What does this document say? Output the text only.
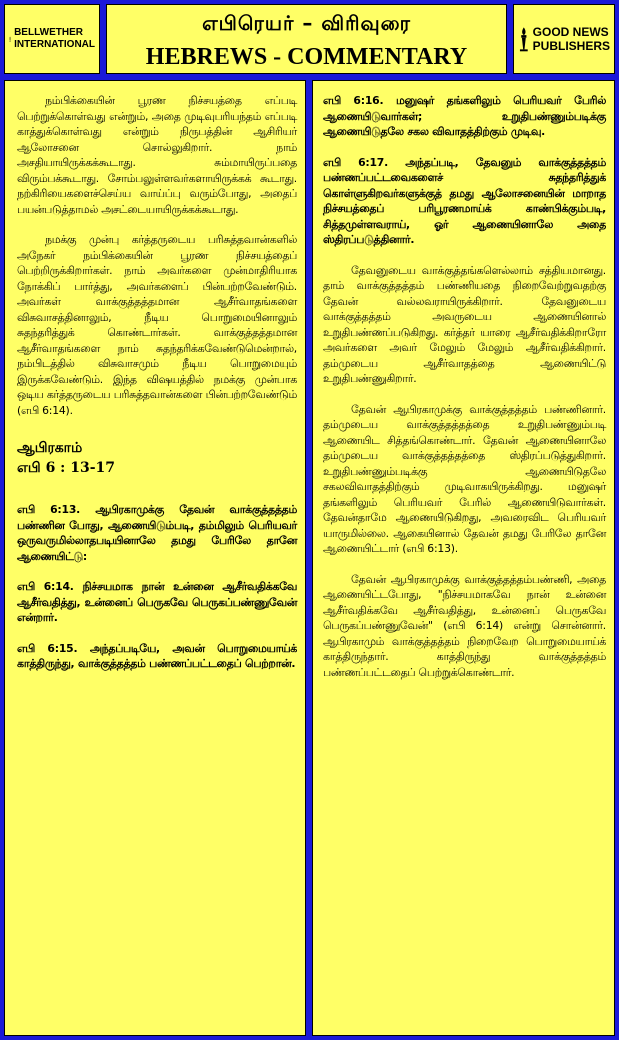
BELLWETHER
INTERNATIONAL
எபிரெயர் – விரிவுரை
HEBREWS - COMMENTARY
GOOD NEWS
PUBLISHERS

நம்பிக்கையின் பூரண நிச்சயத்தை எப்படி பெற்றுக்கொள்வது என்றும், அதை முடிவுபரியந்தம் எப்படி காத்துக்கொள்வது என்றும் நிருபத்தின் ஆசிரியர் ஆலோசனை சொல்லுகிறார். நாம் அசதியாயிருக்கக்கூடாது. சும்மாயிருப்பதை விரும்பக்கூடாது. சோம்பலுள்ளவர்களாயிருக்கக் கூடாது. நற்கிரியைகளைச்செய்ய வாய்ப்பு வரும்போது, அதைப் பயன்படுத்தாமல் அசட்டையாயிருக்கக்கூடாது.

நமக்கு முன்பு கர்த்தருடைய பரிசுத்தவான்களில் அநேகர் நம்பிக்கையின் பூரண நிச்சயத்தைப் பெற்றிருக்கிறார்கள். நாம் அவர்களை முன்மாதிரியாக நோக்கிப் பார்த்து, அவர்களைப் பின்பற்றவேண்டும். அவர்கள் வாக்குத்தத்தமான ஆசீர்வாதங்களை விசுவாசத்தினாலும், நீடிய பொறுமையினாலும் சுதந்தரித்துக் கொண்டார்கள். வாக்குத்தத்தமான ஆசீர்வாதங்களை நாம் சுதந்தரிக்கவேண்டுமென்றால், நம்பிடத்தில் விசுவாசமும் நீடிய பொறுமையும் இருக்கவேண்டும். இந்த விஷயத்தில் நமக்கு முன்பாக ஒடிய கர்த்தருடைய பரிசுத்தவான்களை பின்பற்றவேண்டும் (எபி 6:14).

ஆபிரகாம்
எபி 6 : 13-17

எபி 6:13. ஆபிரகாமுக்கு தேவன் வாக்குத்தத்தம் பண்ணின போது, ஆணையிடும்படி, தம்மிலும் பெரியவர் ஒருவருமில்லாதபடியினாலே தமது பேரிலே தானே ஆணையிட்டு:

எபி 6:14. நிச்சயமாக நான் உன்னை ஆசீர்வதிக்கவே ஆசீர்வதித்து, உன்னைப் பெருகவே பெருகப்பண்ணுவேன் என்றார்.

எபி 6:15. அந்தப்படியே, அவன் பொறுமையாய்க் காத்திருந்து, வாக்குத்தத்தம் பண்ணப்பட்டதைப் பெற்றான்.

எபி 6:16. மனுஷர் தங்களிலும் பெரியவர் பேரில் ஆணையிடுவார்கள்; உறுதிபண்ணும்படிக்கு ஆணையிடுதலே சகல விவாதத்திற்கும் முடிவு.

எபி 6:17. அந்தப்படி, தேவனும் வாக்குத்தத்தம் பண்ணப்பட்டவைகளைச் சுதந்தரித்துக் கொள்ளுகிறவர்களுக்குத் தமது ஆலோசனையின் மாறாத நிச்சயத்தைப் பரிபூரணமாய்க் காண்பிக்கும்படி, சித்தமுள்ளவராய், ஓர் ஆணையினாலே அதை ஸ்திரப்படுத்தினார்.

தேவனுடைய வாக்குத்தங்களெல்லாம் சத்தியமானது. தாம் வாக்குத்தத்தம் பண்ணியதை நிறைவேற்றுவதற்கு தேவன் வல்லவராயிருக்கிறார். தேவனுடைய வாக்குத்தத்தம் அவருடைய ஆணையினால் உறுதிபண்ணப்படுகிறது. கர்த்தர் யாரை ஆசீர்வதிக்கிறாரோ அவர்களை அவர் மேலும் மேலும் ஆசீர்வதிக்கிறார். தம்முடைய ஆசீர்வாதத்தை ஆணையிட்டு உறுதிபண்ணுகிறார்.

தேவன் ஆபிரகாமுக்கு வாக்குத்தத்தம் பண்ணினார். தம்முடைய வாக்குத்தத்தத்தை உறுதிபண்ணும்படி ஆணையிட சித்தங்கொண்டார். தேவன் ஆணையினாலே தம்முடைய வாக்குத்தத்தத்தை ஸ்திரப்படுத்துகிறார். உறுதிபண்ணும்படிக்கு ஆணையிடுதலே சகலவிவாதத்திற்கும் முடிவாகயிருக்கிறது. மனுஷர் தங்களிலும் பெரியவர் பேரில் ஆணையிடுவார்கள். தேவன்தாமே ஆணையிடுகிறது, அவரைவிட பெரியவர் யாருமில்லை. ஆகையினால் தேவன் தமது பேரிலே தானே ஆணையிட்டார் (எபி 6:13).

தேவன் ஆபிரகாமுக்கு வாக்குத்தத்தம்பண்ணி, அதை ஆணையிட்டபோது, "நிச்சயமாகவே நான் உன்னை ஆசீர்வதிக்கவே ஆசீர்வதித்து, உன்னைப் பெருகவே பெருகப்பண்ணுவேன்" (எபி 6:14) என்று சொன்னார். ஆபிரகாமும் வாக்குத்தத்தம் நிறைவேற பொறுமையாய்க் காத்திருந்தார். காத்திருந்து வாக்குத்தத்தம் பண்ணப்பட்டதைப் பெற்றுக்கொண்டார்.
